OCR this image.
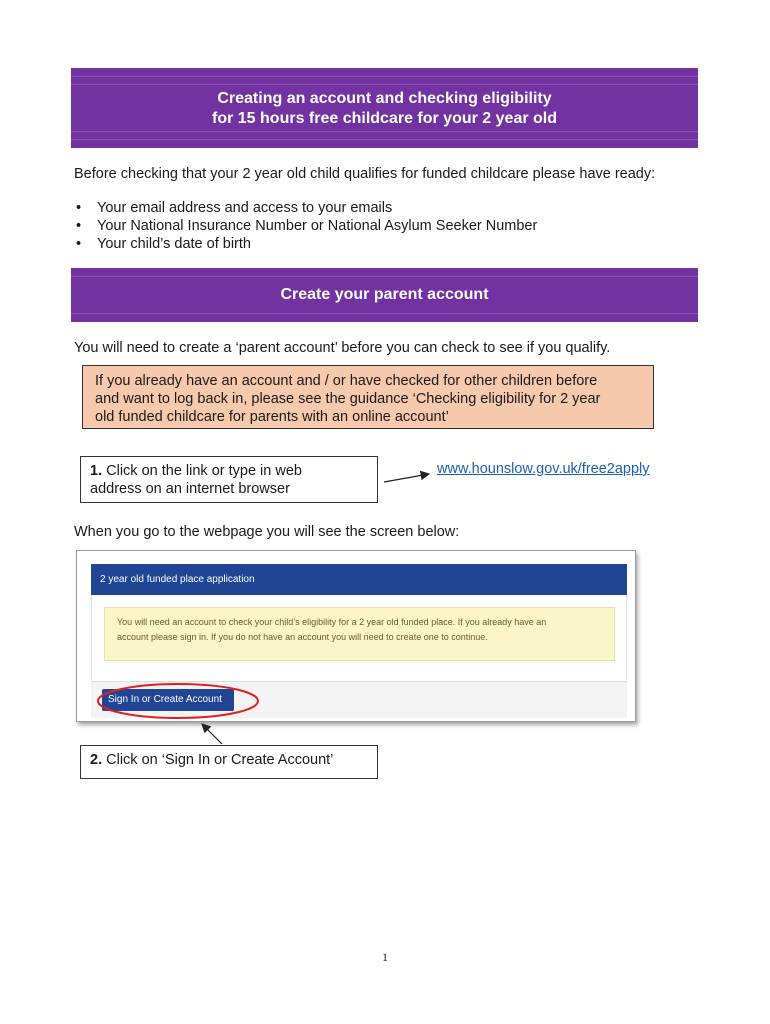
Creating an account and checking eligibility
for 15 hours free childcare for your 2 year old
Before checking that your 2 year old child qualifies for funded childcare please have ready:
• Your email address and access to your emails
• Your National Insurance Number or National Asylum Seeker Number
• Your child’s date of birth
Create your parent account
You will need to create a ‘parent account’ before you can check to see if you qualify.
If you already have an account and / or have checked for other children before
and want to log back in, please see the guidance ‘Checking eligibility for 2 year
old funded childcare for parents with an online account’
1. Click on the link or type in web
address on an internet browser
www.hounslow.gov.uk/free2apply
When you go to the webpage you will see the screen below:
2 year old funded place application
You will need an account to check your child’s eligibility for a 2 year old funded place. If you already have an
account please sign in. If you do not have an account you will need to create one to continue.
Sign In or Create Account
2. Click on ‘Sign In or Create Account’
1
